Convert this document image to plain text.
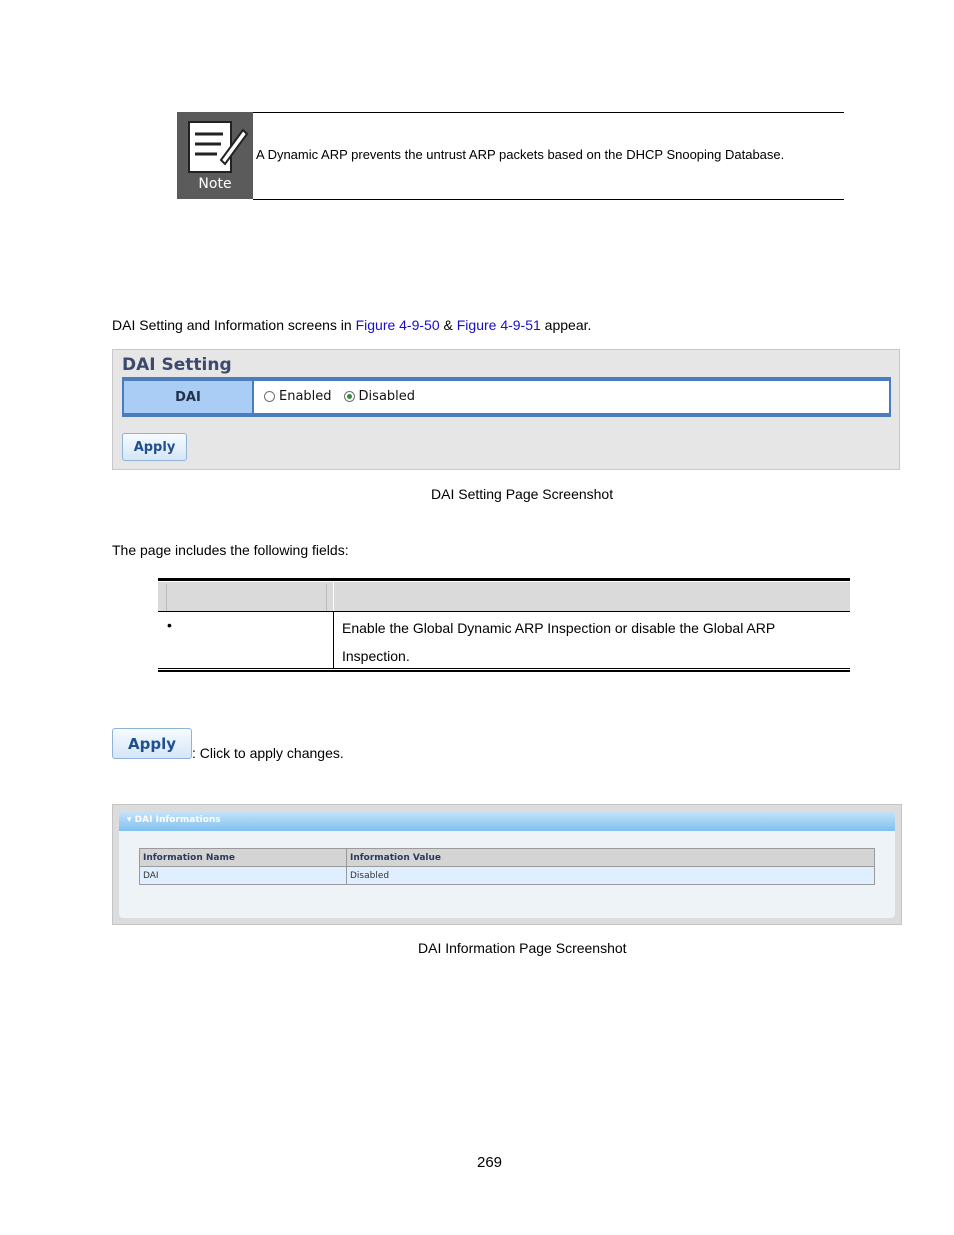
Note
A Dynamic ARP prevents the untrust ARP packets based on the DHCP Snooping Database.
DAI Setting and Information screens in Figure 4-9-50 & Figure 4-9-51 appear.
DAI Setting
DAI	Enabled Disabled
Apply
DAI Setting Page Screenshot
The page includes the following fields:
•	Enable the Global Dynamic ARP Inspection or disable the Global ARP Inspection.
Apply
: Click to apply changes.
▾ DAI Informations
Information Name	Information Value
DAI	Disabled
DAI Information Page Screenshot
269
